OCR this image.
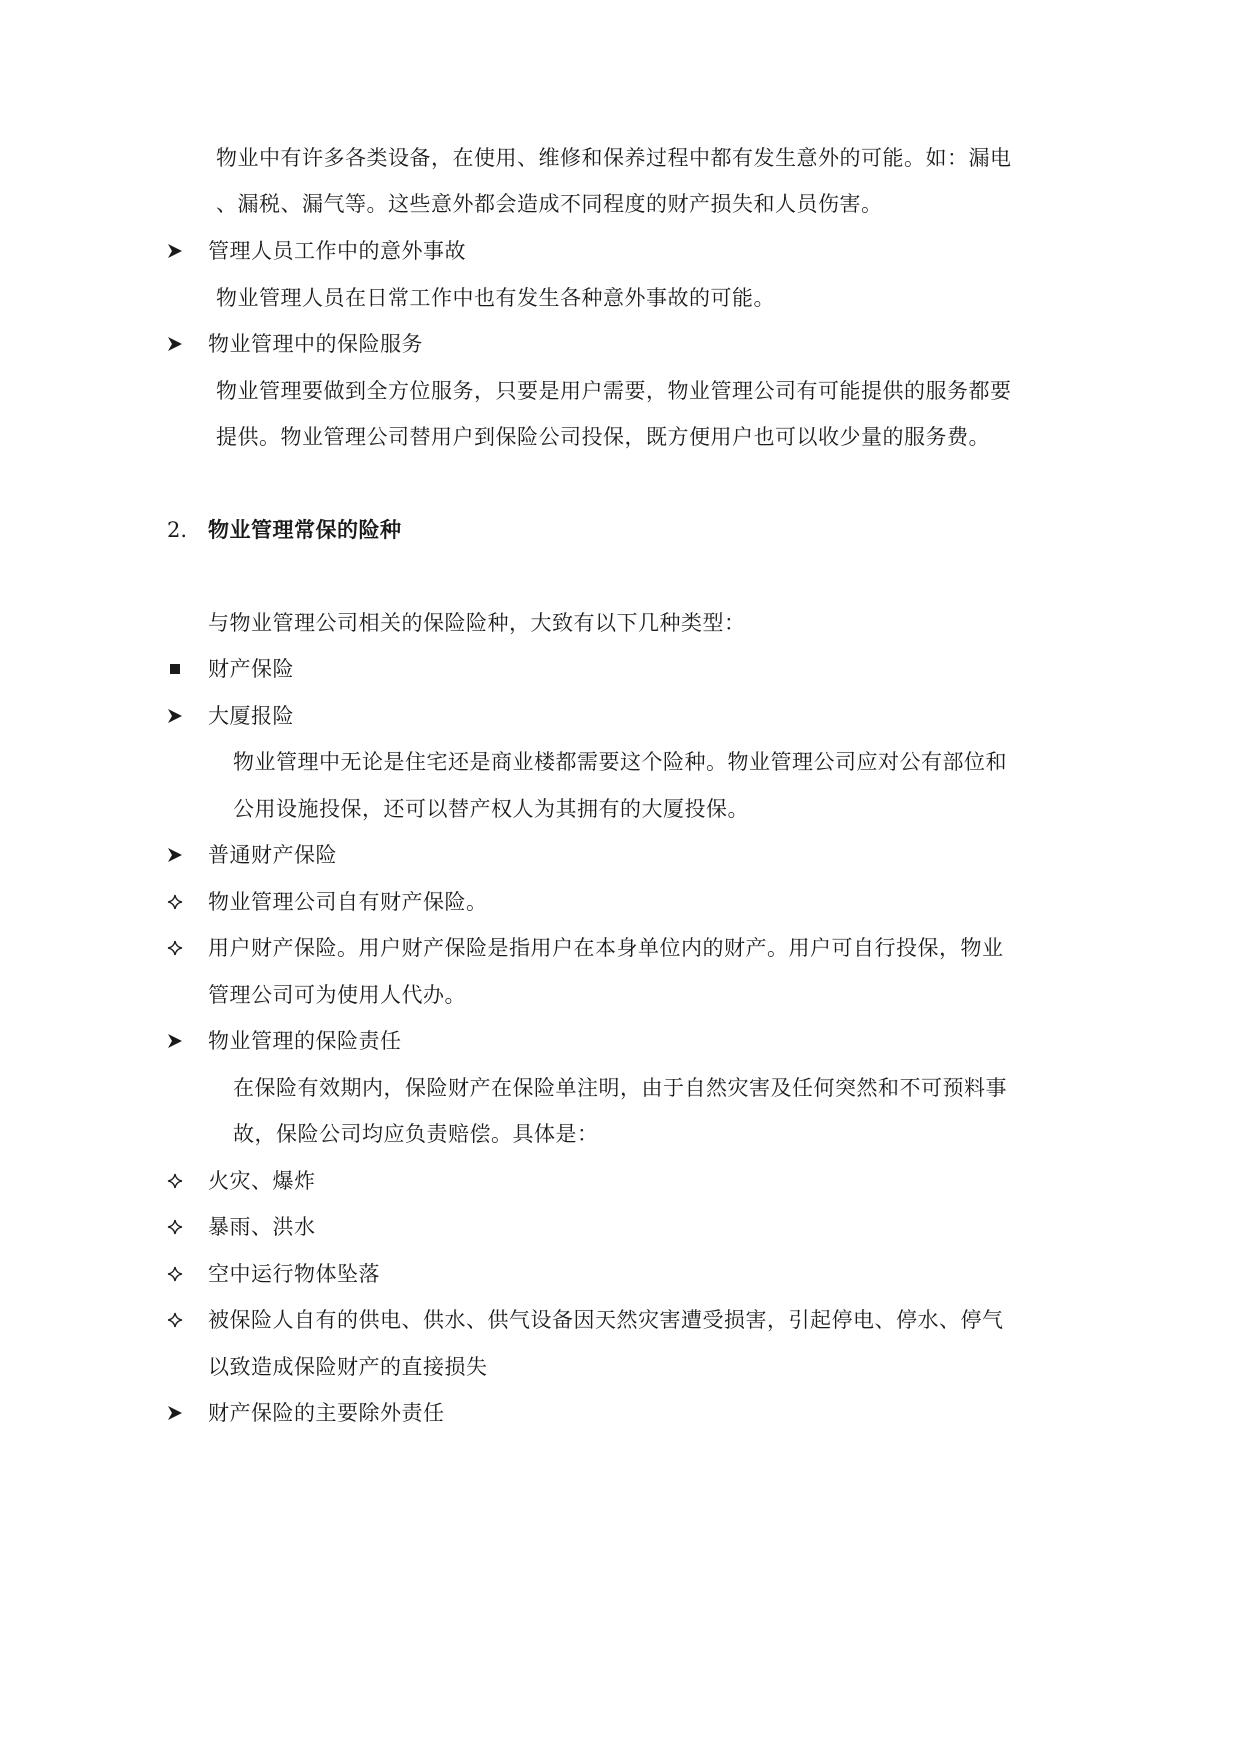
物业中有许多各类设备，在使用、维修和保养过程中都有发生意外的可能。如：漏电
、漏税、漏气等。这些意外都会造成不同程度的财产损失和人员伤害。
管理人员工作中的意外事故
物业管理人员在日常工作中也有发生各种意外事故的可能。
物业管理中的保险服务
物业管理要做到全方位服务，只要是用户需要，物业管理公司有可能提供的服务都要
提供。物业管理公司替用户到保险公司投保，既方便用户也可以收少量的服务费。
2. 物业管理常保的险种
与物业管理公司相关的保险险种，大致有以下几种类型：
财产保险
大厦报险
物业管理中无论是住宅还是商业楼都需要这个险种。物业管理公司应对公有部位和
公用设施投保，还可以替产权人为其拥有的大厦投保。
普通财产保险
物业管理公司自有财产保险。
用户财产保险。用户财产保险是指用户在本身单位内的财产。用户可自行投保，物业
管理公司可为使用人代办。
物业管理的保险责任
在保险有效期内，保险财产在保险单注明，由于自然灾害及任何突然和不可预料事
故，保险公司均应负责赔偿。具体是：
火灾、爆炸
暴雨、洪水
空中运行物体坠落
被保险人自有的供电、供水、供气设备因天然灾害遭受损害，引起停电、停水、停气
以致造成保险财产的直接损失
财产保险的主要除外责任
